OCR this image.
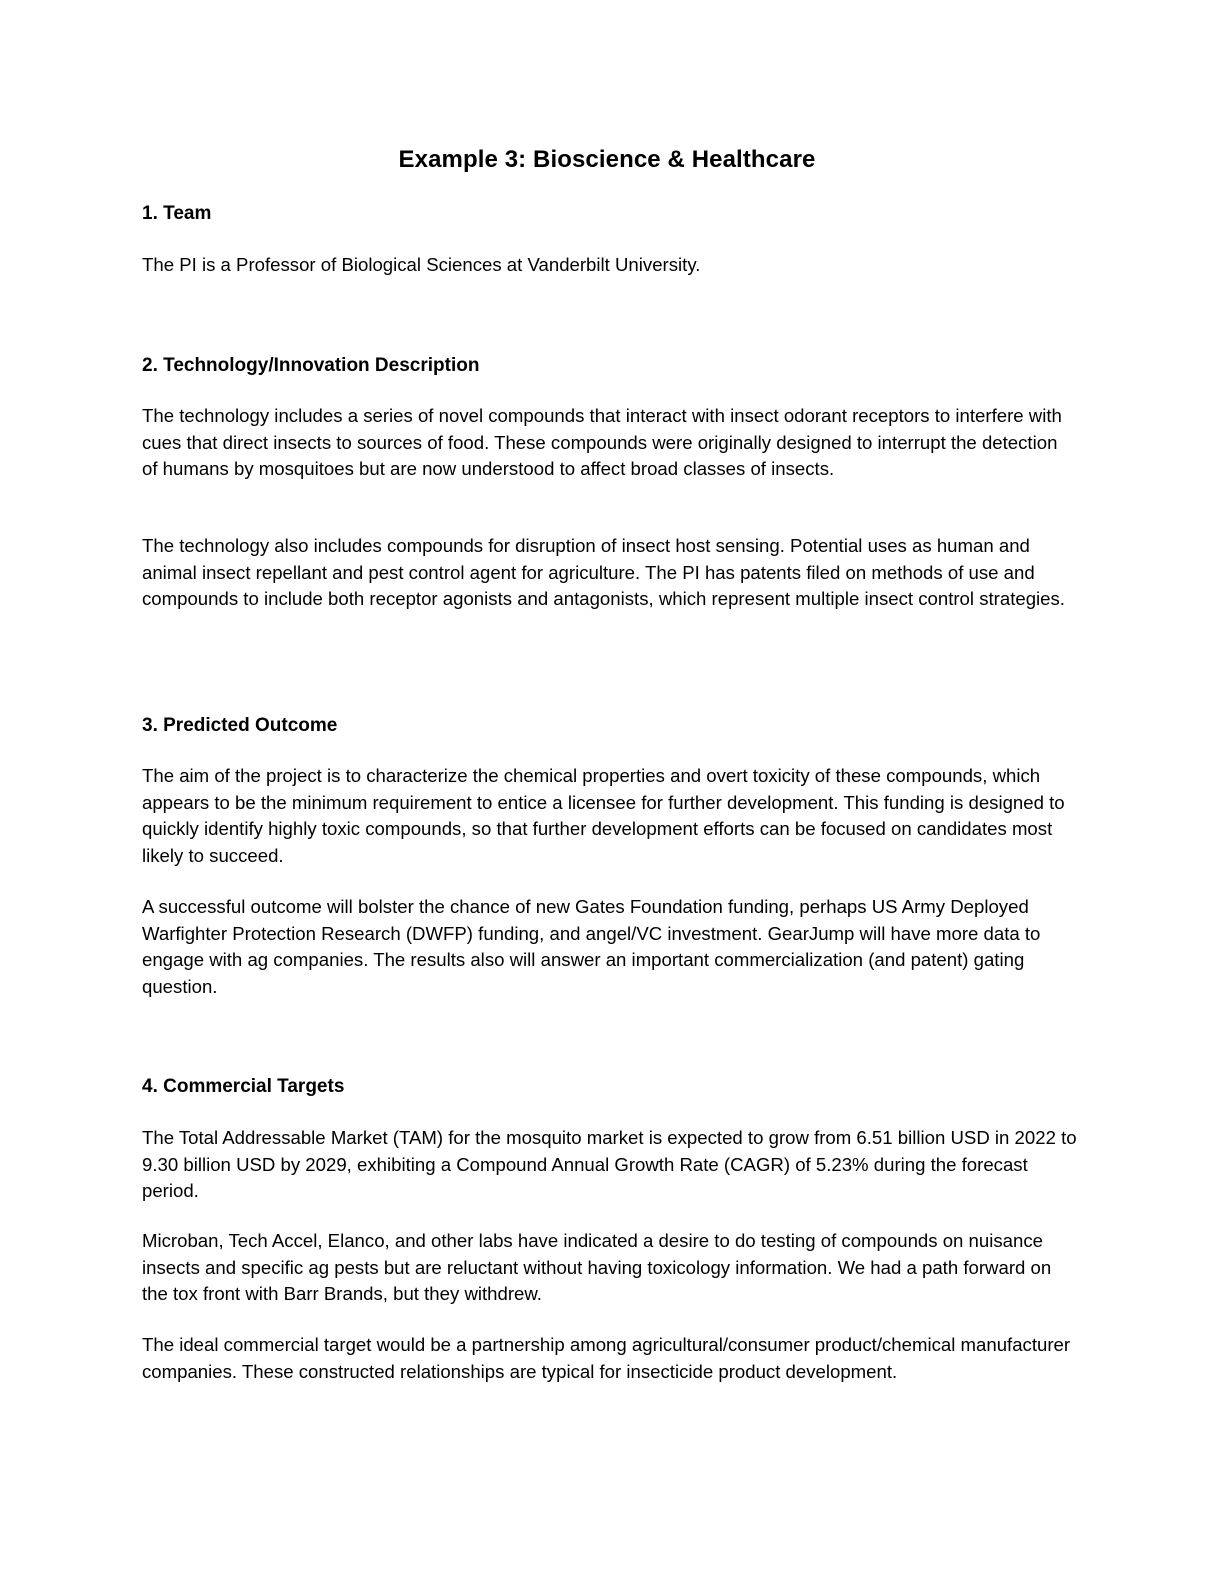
Example 3: Bioscience & Healthcare
1. Team

The PI is a Professor of Biological Sciences at Vanderbilt University.

2. Technology/Innovation Description

The technology includes a series of novel compounds that interact with insect odorant receptors to interfere with cues that direct insects to sources of food. These compounds were originally designed to interrupt the detection of humans by mosquitoes but are now understood to affect broad classes of insects.

The technology also includes compounds for disruption of insect host sensing. Potential uses as human and animal insect repellant and pest control agent for agriculture. The PI has patents filed on methods of use and compounds to include both receptor agonists and antagonists, which represent multiple insect control strategies.

3. Predicted Outcome

The aim of the project is to characterize the chemical properties and overt toxicity of these compounds, which appears to be the minimum requirement to entice a licensee for further development. This funding is designed to quickly identify highly toxic compounds, so that further development efforts can be focused on candidates most likely to succeed.

A successful outcome will bolster the chance of new Gates Foundation funding, perhaps US Army Deployed Warfighter Protection Research (DWFP) funding, and angel/VC investment. GearJump will have more data to engage with ag companies. The results also will answer an important commercialization (and patent) gating question.

4. Commercial Targets

The Total Addressable Market (TAM) for the mosquito market is expected to grow from 6.51 billion USD in 2022 to 9.30 billion USD by 2029, exhibiting a Compound Annual Growth Rate (CAGR) of 5.23% during the forecast period.

Microban, Tech Accel, Elanco, and other labs have indicated a desire to do testing of compounds on nuisance insects and specific ag pests but are reluctant without having toxicology information. We had a path forward on the tox front with Barr Brands, but they withdrew.

The ideal commercial target would be a partnership among agricultural/consumer product/chemical manufacturer companies. These constructed relationships are typical for insecticide product development.
